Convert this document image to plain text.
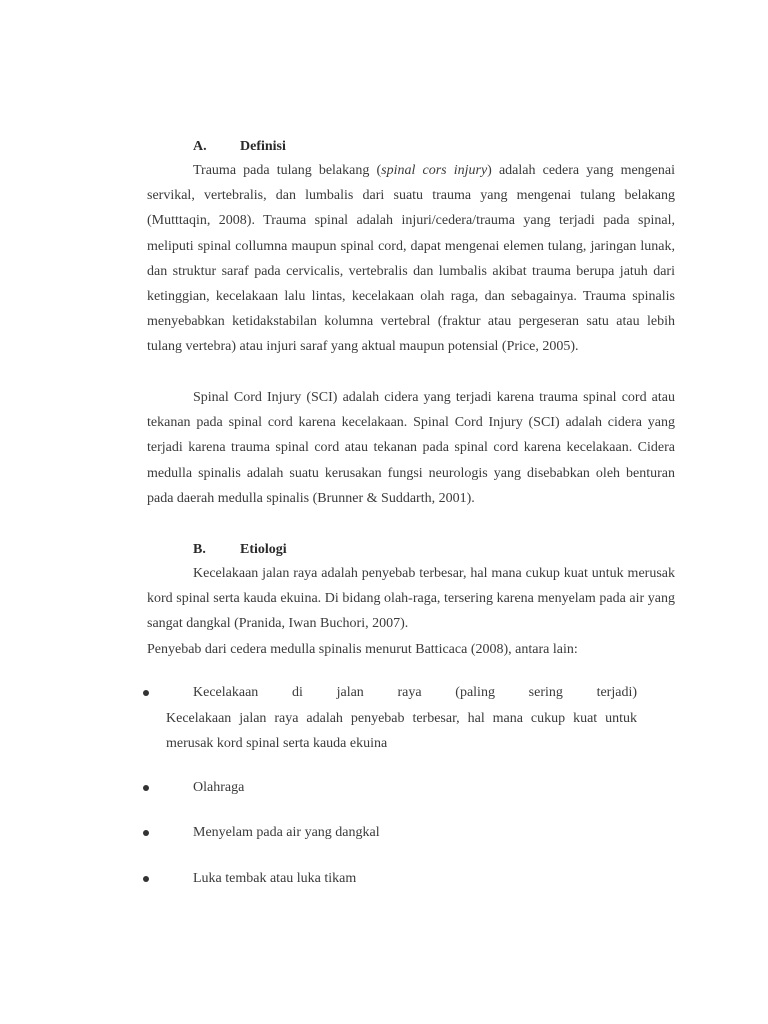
A. Definisi

Trauma pada tulang belakang (spinal cors injury) adalah cedera yang mengenai servikal, vertebralis, dan lumbalis dari suatu trauma yang mengenai tulang belakang (Mutttaqin, 2008). Trauma spinal adalah injuri/cedera/trauma yang terjadi pada spinal, meliputi spinal collumna maupun spinal cord, dapat mengenai elemen tulang, jaringan lunak, dan struktur saraf pada cervicalis, vertebralis dan lumbalis akibat trauma berupa jatuh dari ketinggian, kecelakaan lalu lintas, kecelakaan olah raga, dan sebagainya. Trauma spinalis menyebabkan ketidakstabilan kolumna vertebral (fraktur atau pergeseran satu atau lebih tulang vertebra) atau injuri saraf yang aktual maupun potensial (Price, 2005).

Spinal Cord Injury (SCI) adalah cidera yang terjadi karena trauma spinal cord atau tekanan pada spinal cord karena kecelakaan. Spinal Cord Injury (SCI) adalah cidera yang terjadi karena trauma spinal cord atau tekanan pada spinal cord karena kecelakaan. Cidera medulla spinalis adalah suatu kerusakan fungsi neurologis yang disebabkan oleh benturan pada daerah medulla spinalis (Brunner & Suddarth, 2001).

B. Etiologi

Kecelakaan jalan raya adalah penyebab terbesar, hal mana cukup kuat untuk merusak kord spinal serta kauda ekuina. Di bidang olah-raga, tersering karena menyelam pada air yang sangat dangkal (Pranida, Iwan Buchori, 2007).

Penyebab dari cedera medulla spinalis menurut Batticaca (2008), antara lain:

Kecelakaan di jalan raya (paling sering terjadi)

Kecelakaan jalan raya adalah penyebab terbesar, hal mana cukup kuat untuk merusak kord spinal serta kauda ekuina

Olahraga
Menyelam pada air yang dangkal
Luka tembak atau luka tikam
